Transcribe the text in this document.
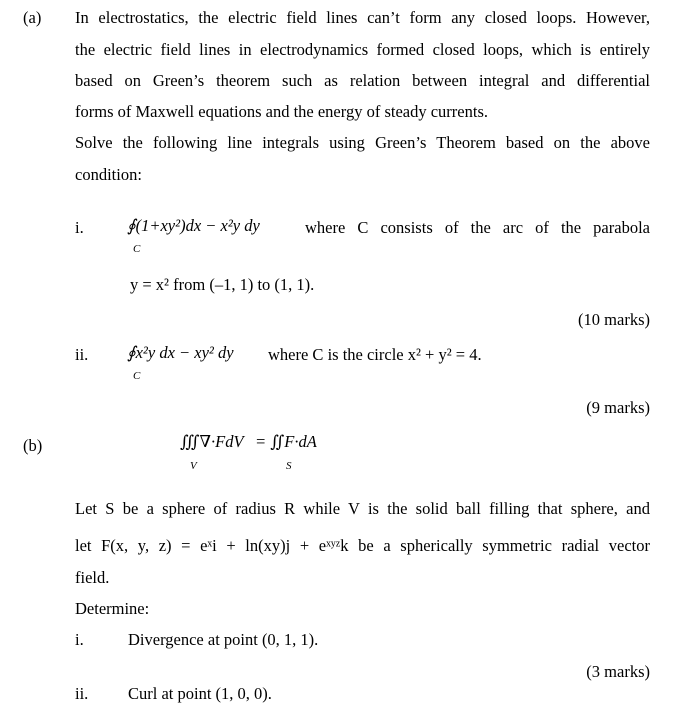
(a) In electrostatics, the electric field lines can’t form any closed loops. However,
the electric field lines in electrodynamics formed closed loops, which is entirely
based on Green’s theorem such as relation between integral and differential
forms of Maxwell equations and the energy of steady currents.
Solve the following line integrals using Green’s Theorem based on the above
condition:
i.	∮(1+xy²)dx − x²y dy
C
where C consists of the arc of the parabola
y = x² from (–1, 1) to (1, 1).
(10 marks)
ii. ∮x²y dx − xy² dy
C
where C is the circle x² + y² = 4.
(9 marks)
(b)	∭∇·FdV
V
= ∬F·dA
S
Let S be a sphere of radius R while V is the solid ball filling that sphere, and
let F(x, y, z) = eˣi + ln(xy)j + eˣʸᶻk be a spherically symmetric radial vector
field.
Determine:
i.	Divergence at point (0, 1, 1).
(3 marks)
ii. Curl at point (1, 0, 0).
